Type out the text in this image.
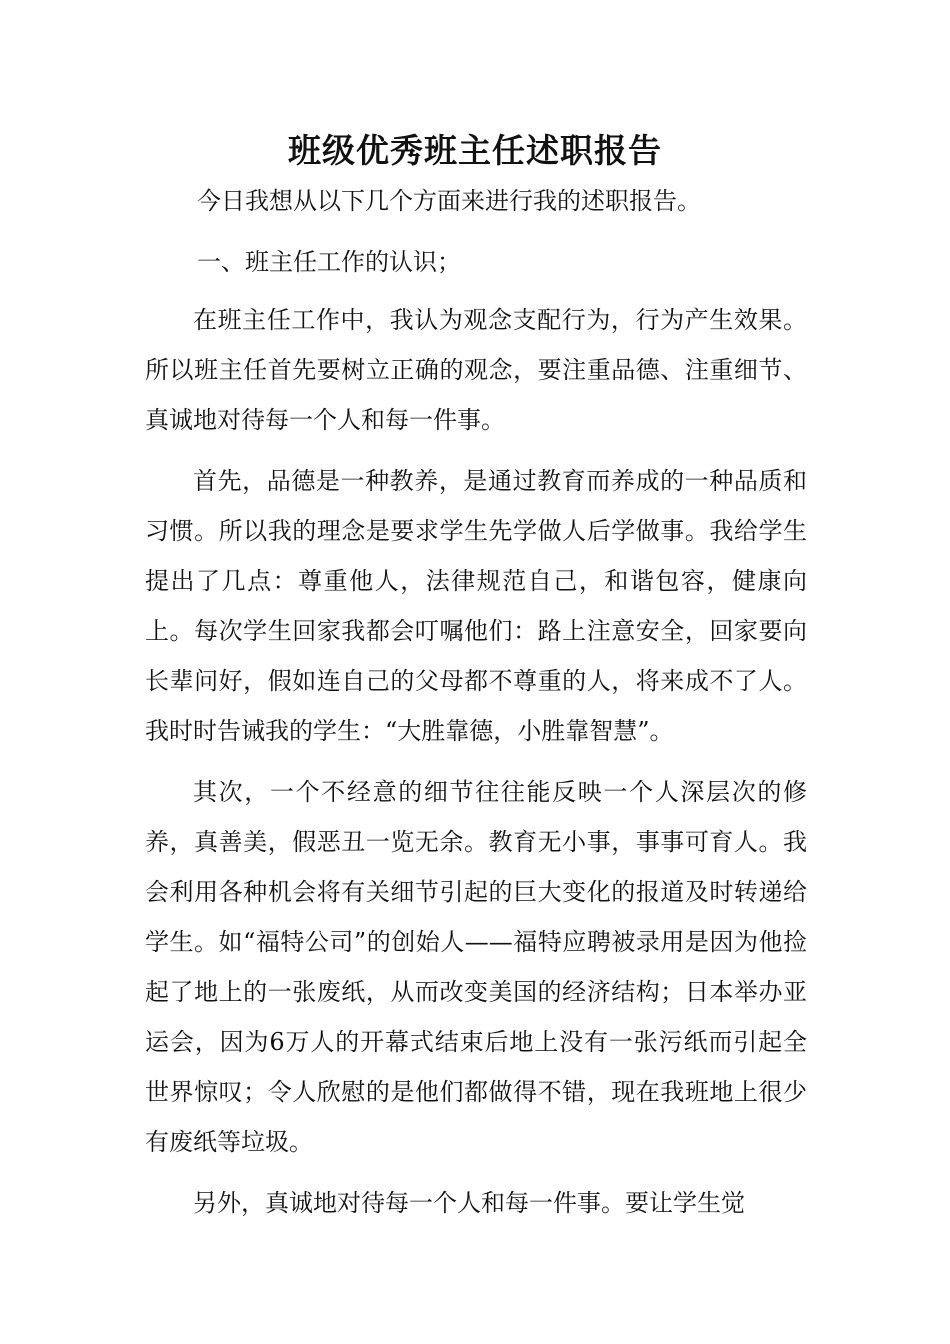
班级优秀班主任述职报告

今日我想从以下几个方面来进行我的述职报告。

一、班主任工作的认识；

在班主任工作中，我认为观念支配行为，行为产生效果。所以班主任首先要树立正确的观念，要注重品德、注重细节、真诚地对待每一个人和每一件事。

首先，品德是一种教养，是通过教育而养成的一种品质和习惯。所以我的理念是要求学生先学做人后学做事。我给学生提出了几点：尊重他人，法律规范自己，和谐包容，健康向上。每次学生回家我都会叮嘱他们：路上注意安全，回家要向长辈问好，假如连自己的父母都不尊重的人，将来成不了人。我时时告诫我的学生：“大胜靠德，小胜靠智慧”。

其次，一个不经意的细节往往能反映一个人深层次的修养，真善美，假恶丑一览无余。教育无小事，事事可育人。我会利用各种机会将有关细节引起的巨大变化的报道及时转递给学生。如“福特公司”的创始人——福特应聘被录用是因为他捡起了地上的一张废纸，从而改变美国的经济结构；日本举办亚运会，因为6万人的开幕式结束后地上没有一张污纸而引起全世界惊叹；令人欣慰的是他们都做得不错，现在我班地上很少有废纸等垃圾。

另外，真诚地对待每一个人和每一件事。要让学生觉
